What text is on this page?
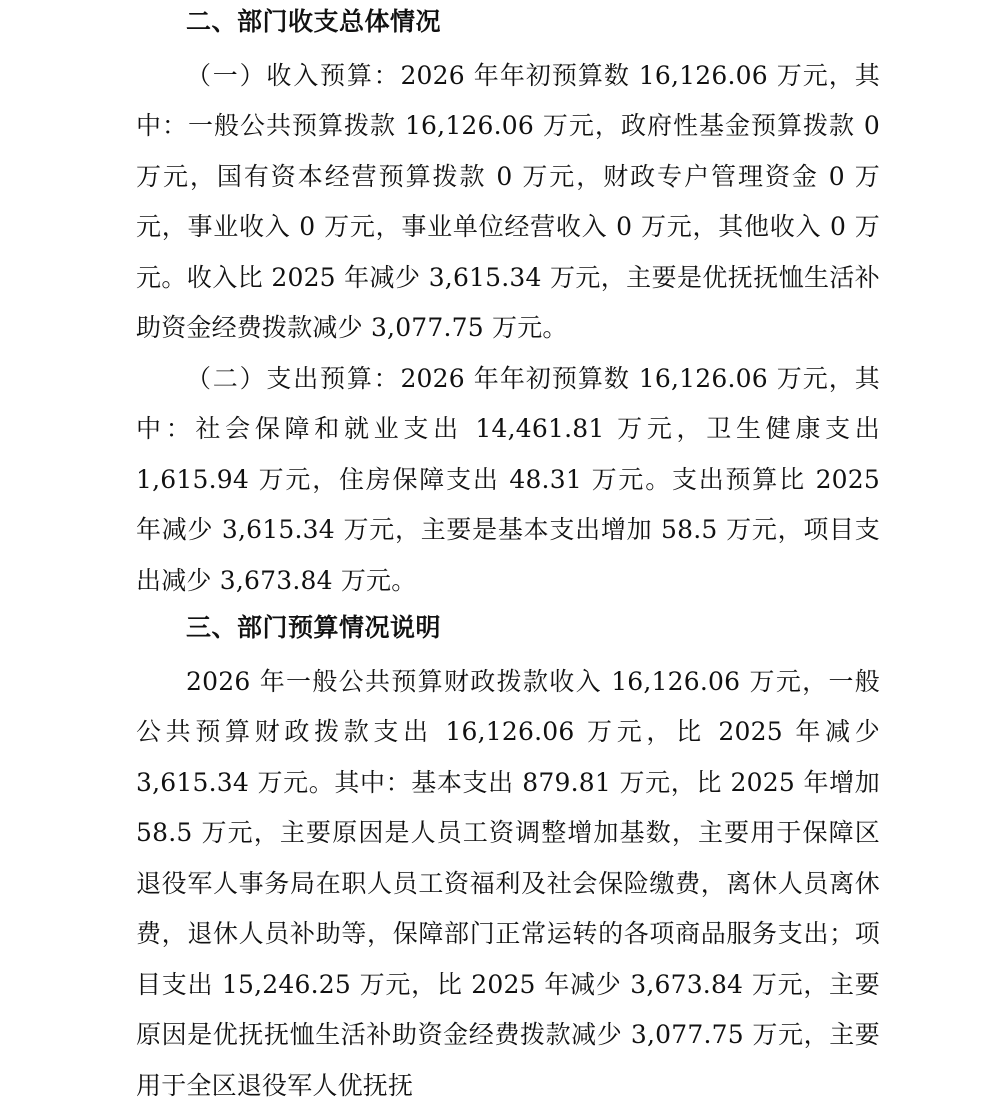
二、部门收支总体情况

（一）收入预算：2026 年年初预算数 16,126.06 万元，其中：一般公共预算拨款 16,126.06 万元，政府性基金预算拨款 0 万元，国有资本经营预算拨款 0 万元，财政专户管理资金 0 万元，事业收入 0 万元，事业单位经营收入 0 万元，其他收入 0 万元。收入比 2025 年减少 3,615.34 万元，主要是优抚抚恤生活补助资金经费拨款减少 3,077.75 万元。

（二）支出预算：2026 年年初预算数 16,126.06 万元，其中：社会保障和就业支出 14,461.81 万元，卫生健康支出 1,615.94 万元，住房保障支出 48.31 万元。支出预算比 2025 年减少 3,615.34 万元，主要是基本支出增加 58.5 万元，项目支出减少 3,673.84 万元。

三、部门预算情况说明

2026 年一般公共预算财政拨款收入 16,126.06 万元，一般公共预算财政拨款支出 16,126.06 万元，比 2025 年减少 3,615.34 万元。其中：基本支出 879.81 万元，比 2025 年增加 58.5 万元，主要原因是人员工资调整增加基数，主要用于保障区退役军人事务局在职人员工资福利及社会保险缴费，离休人员离休费，退休人员补助等，保障部门正常运转的各项商品服务支出；项目支出 15,246.25 万元，比 2025 年减少 3,673.84 万元，主要原因是优抚抚恤生活补助资金经费拨款减少 3,077.75 万元，主要用于全区退役军人优抚抚
